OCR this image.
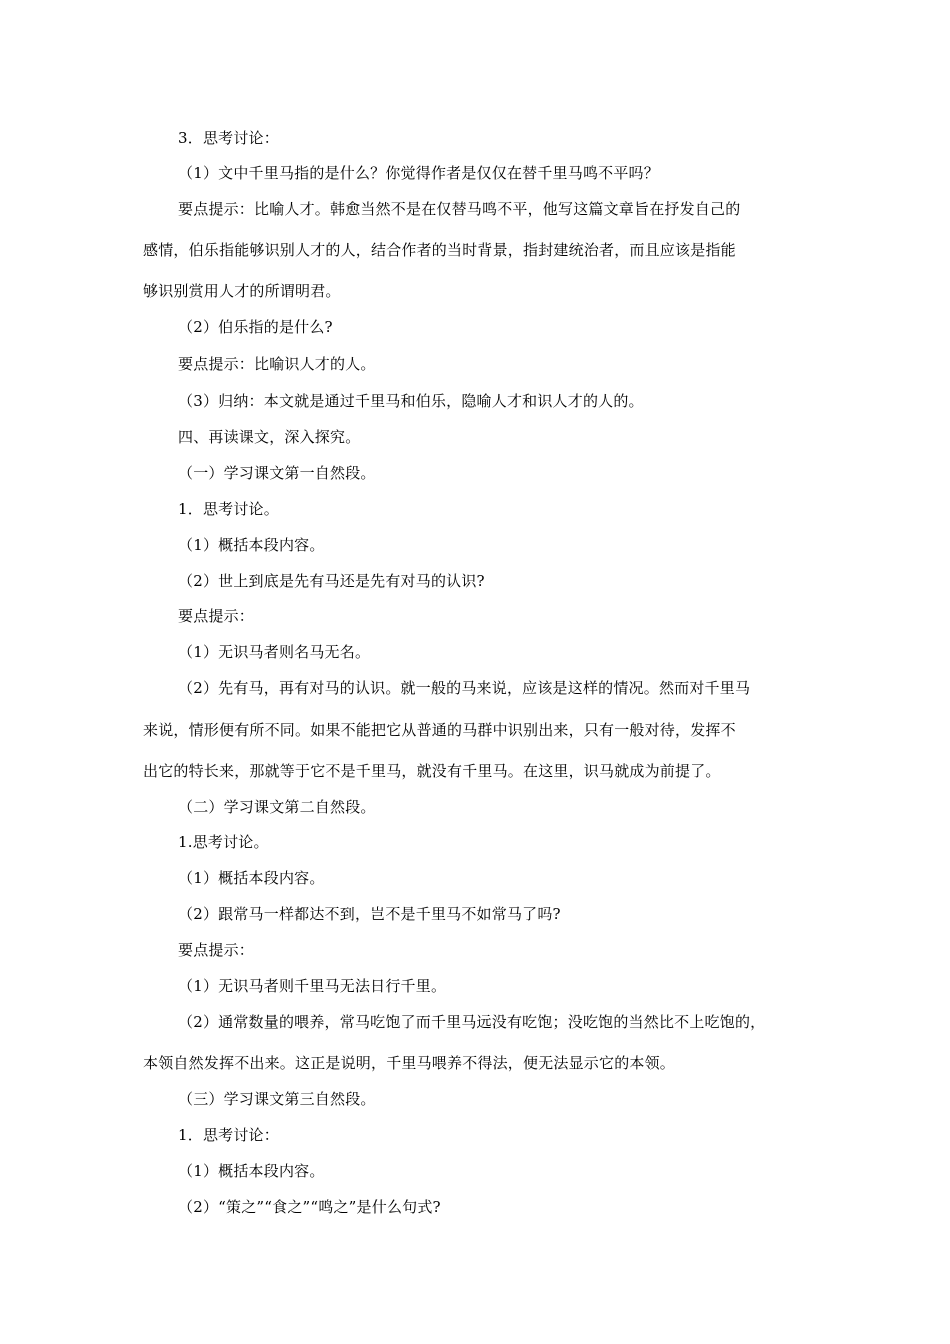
3．思考讨论：
（1）文中千里马指的是什么？你觉得作者是仅仅在替千里马鸣不平吗？
要点提示：比喻人才。韩愈当然不是在仅替马鸣不平，他写这篇文章旨在抒发自己的
感情，伯乐指能够识别人才的人，结合作者的当时背景，指封建统治者，而且应该是指能
够识别赏用人才的所谓明君。
（2）伯乐指的是什么?
要点提示：比喻识人才的人。
（3）归纳：本文就是通过千里马和伯乐，隐喻人才和识人才的人的。
四、再读课文，深入探究。
（一）学习课文第一自然段。
1．思考讨论。
（1）概括本段内容。
（2）世上到底是先有马还是先有对马的认识?
要点提示：
（1）无识马者则名马无名。
（2）先有马，再有对马的认识。就一般的马来说，应该是这样的情况。然而对千里马
来说，情形便有所不同。如果不能把它从普通的马群中识别出来，只有一般对待，发挥不
出它的特长来，那就等于它不是千里马，就没有千里马。在这里，识马就成为前提了。
（二）学习课文第二自然段。
1.思考讨论。
（1）概括本段内容。
（2）跟常马一样都达不到，岂不是千里马不如常马了吗?
要点提示：
（1）无识马者则千里马无法日行千里。
（2）通常数量的喂养，常马吃饱了而千里马远没有吃饱；没吃饱的当然比不上吃饱的，
本领自然发挥不出来。这正是说明，千里马喂养不得法，便无法显示它的本领。
（三）学习课文第三自然段。
1．思考讨论：
（1）概括本段内容。
（2）“策之”“食之”“鸣之”是什么句式?
